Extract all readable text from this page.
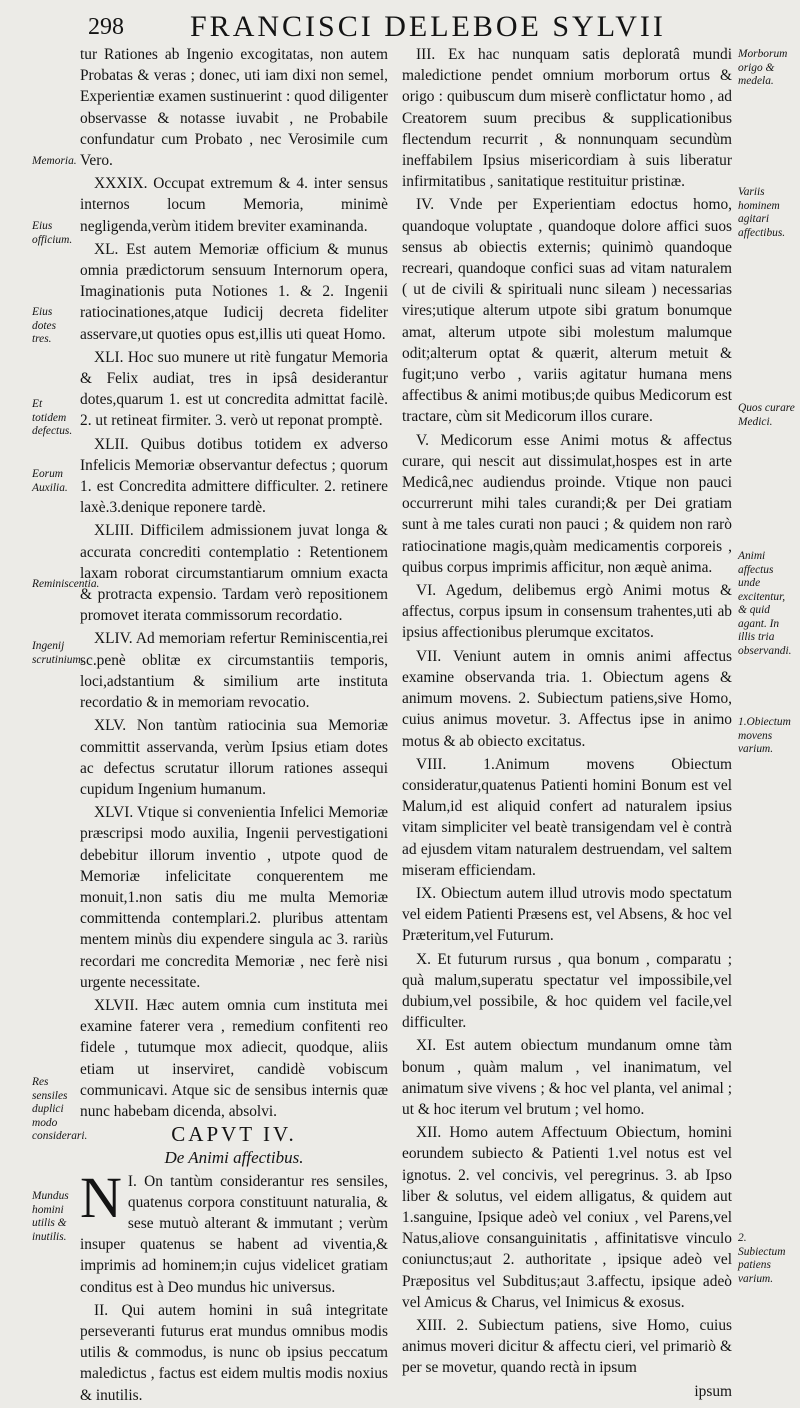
298 FRANCISCI DELEBOE SYLVII
Memoria.
Eius officium.
Eius dotes tres.
Et totidem defectus.
Eorum Auxilia.
Reminiscentia.
Ingenij scrutinium.
Res sensiles duplici modo considerari.
Mundus homini utilis & inutilis.
Morborum origo & medela.
Variis hominem agitari affectibus.
Quos curare Medici.
Animi affectus unde excitentur, & quid agant. In illis tria observandi.
1.Obiectum movens varium.
2. Subiectum patiens varium.

tur Rationes ab Ingenio excogitatas, non autem Probatas & veras ; donec, uti iam dixi non semel, Experientiæ examen sustinuerint : quod diligenter observasse & notasse iuvabit , ne Probabile confundatur cum Probato , nec Verosimile cum Vero.

XXXIX. Occupat extremum & 4. inter sensus internos locum Memoria, minimè negligenda,verùm itidem breviter examinanda.

XL. Est autem Memoriæ officium & munus omnia prædictorum sensuum Internorum opera, Imaginationis puta Notiones 1. & 2. Ingenii ratiocinationes,atque Iudicij decreta fideliter asservare,ut quoties opus est,illis uti queat Homo.

XLI. Hoc suo munere ut ritè fungatur Memoria & Felix audiat, tres in ipsâ desiderantur dotes,quarum 1. est ut concredita admittat facilè. 2. ut retineat firmiter. 3. verò ut reponat promptè.

XLII. Quibus dotibus totidem ex adverso Infelicis Memoriæ observantur defectus ; quorum 1. est Concredita admittere difficulter. 2. retinere laxè.3.denique reponere tardè.

XLIII. Difficilem admissionem juvat longa & accurata concrediti contemplatio : Retentionem laxam roborat circumstantiarum omnium exacta & protracta expensio. Tardam verò repositionem promovet iterata commissorum recordatio.

XLIV. Ad memoriam refertur Reminiscentia,rei sc.penè oblitæ ex circumstantiis temporis, loci,adstantium & similium arte instituta recordatio & in memoriam revocatio.

XLV. Non tantùm ratiocinia sua Memoriæ committit asservanda, verùm Ipsius etiam dotes ac defectus scrutatur illorum rationes assequi cupidum Ingenium humanum.

XLVI. Vtique si convenientia Infelici Memoriæ præscripsi modo auxilia, Ingenii pervestigationi debebitur illorum inventio , utpote quod de Memoriæ infelicitate conquerentem me monuit,1.non satis diu me multa Memoriæ committenda contemplari.2. pluribus attentam mentem minùs diu expendere singula ac 3. rariùs recordari me concredita Memoriæ , nec ferè nisi urgente necessitate.

XLVII. Hæc autem omnia cum instituta mei examine faterer vera , remedium confitenti reo fidele , tutumque mox adiecit, quodque, aliis etiam ut inserviret, candidè vobiscum communicavi. Atque sic de sensibus internis quæ nunc habebam dicenda, absolvi.

CAPVT IV.

De Animi affectibus.

N I. On tantùm considerantur res sensiles, quatenus corpora constituunt naturalia, & sese mutuò alterant & immutant ; verùm insuper quatenus se habent ad viventia,& imprimis ad hominem;in cujus videlicet gratiam conditus est à Deo mundus hic universus.

II. Qui autem homini in suâ integritate perseveranti futurus erat mundus omnibus modis utilis & commodus, is nunc ob ipsius peccatum maledictus , factus est eidem multis modis noxius & inutilis.

III. Ex hac nunquam satis deploratâ mundi maledictione pendet omnium morborum ortus & origo : quibuscum dum miserè conflictatur homo , ad Creatorem suum precibus & supplicationibus flectendum recurrit , & nonnunquam secundùm ineffabilem Ipsius misericordiam à suis liberatur infirmitatibus , sanitatique restituitur pristinæ.

IV. Vnde per Experientiam edoctus homo, quandoque voluptate , quandoque dolore affici suos sensus ab obiectis externis; quinimò quandoque recreari, quandoque confici suas ad vitam naturalem ( ut de civili & spirituali nunc sileam ) necessarias vires;utique alterum utpote sibi gratum bonumque amat, alterum utpote sibi molestum malumque odit;alterum optat & quærit, alterum metuit & fugit;uno verbo , variis agitatur humana mens affectibus & animi motibus;de quibus Medicorum est tractare, cùm sit Medicorum illos curare.

V. Medicorum esse Animi motus & affectus curare, qui nescit aut dissimulat,hospes est in arte Medicâ,nec audiendus proinde. Vtique non pauci occurrerunt mihi tales curandi;& per Dei gratiam sunt à me tales curati non pauci ; & quidem non rarò ratiocinatione magis,quàm medicamentis corporeis , quibus corpus imprimis afficitur, non æquè anima.

VI. Agedum, delibemus ergò Animi motus & affectus, corpus ipsum in consensum trahentes,uti ab ipsius affectionibus plerumque excitatos.

VII. Veniunt autem in omnis animi affectus examine observanda tria. 1. Obiectum agens & animum movens. 2. Subiectum patiens,sive Homo, cuius animus movetur. 3. Affectus ipse in animo motus & ab obiecto excitatus.

VIII. 1.Animum movens Obiectum consideratur,quatenus Patienti homini Bonum est vel Malum,id est aliquid confert ad naturalem ipsius vitam simpliciter vel beatè transigendam vel è contrà ad ejusdem vitam naturalem destruendam, vel saltem miseram efficiendam.

IX. Obiectum autem illud utrovis modo spectatum vel eidem Patienti Præsens est, vel Absens, & hoc vel Præteritum,vel Futurum.

X. Et futurum rursus , qua bonum , comparatu ; quà malum,superatu spectatur vel impossibile,vel dubium,vel possibile, & hoc quidem vel facile,vel difficulter.

XI. Est autem obiectum mundanum omne tàm bonum , quàm malum , vel inanimatum, vel animatum sive vivens ; & hoc vel planta, vel animal ; ut & hoc iterum vel brutum ; vel homo.

XII. Homo autem Affectuum Obiectum, homini eorundem subiecto & Patienti 1.vel notus est vel ignotus. 2. vel concivis, vel peregrinus. 3. ab Ipso liber & solutus, vel eidem alligatus, & quidem aut 1.sanguine, Ipsique adeò vel coniux , vel Parens,vel Natus,aliove consanguinitatis , affinitatisve vinculo coniunctus;aut 2. authoritate , ipsique adeò vel Præpositus vel Subditus;aut 3.affectu, ipsique adeò vel Amicus & Charus, vel Inimicus & exosus.

XIII. 2. Subiectum patiens, sive Homo, cuius animus moveri dicitur & affectu cieri, vel primariò & per se movetur, quando rectà in ipsum

ipsum
